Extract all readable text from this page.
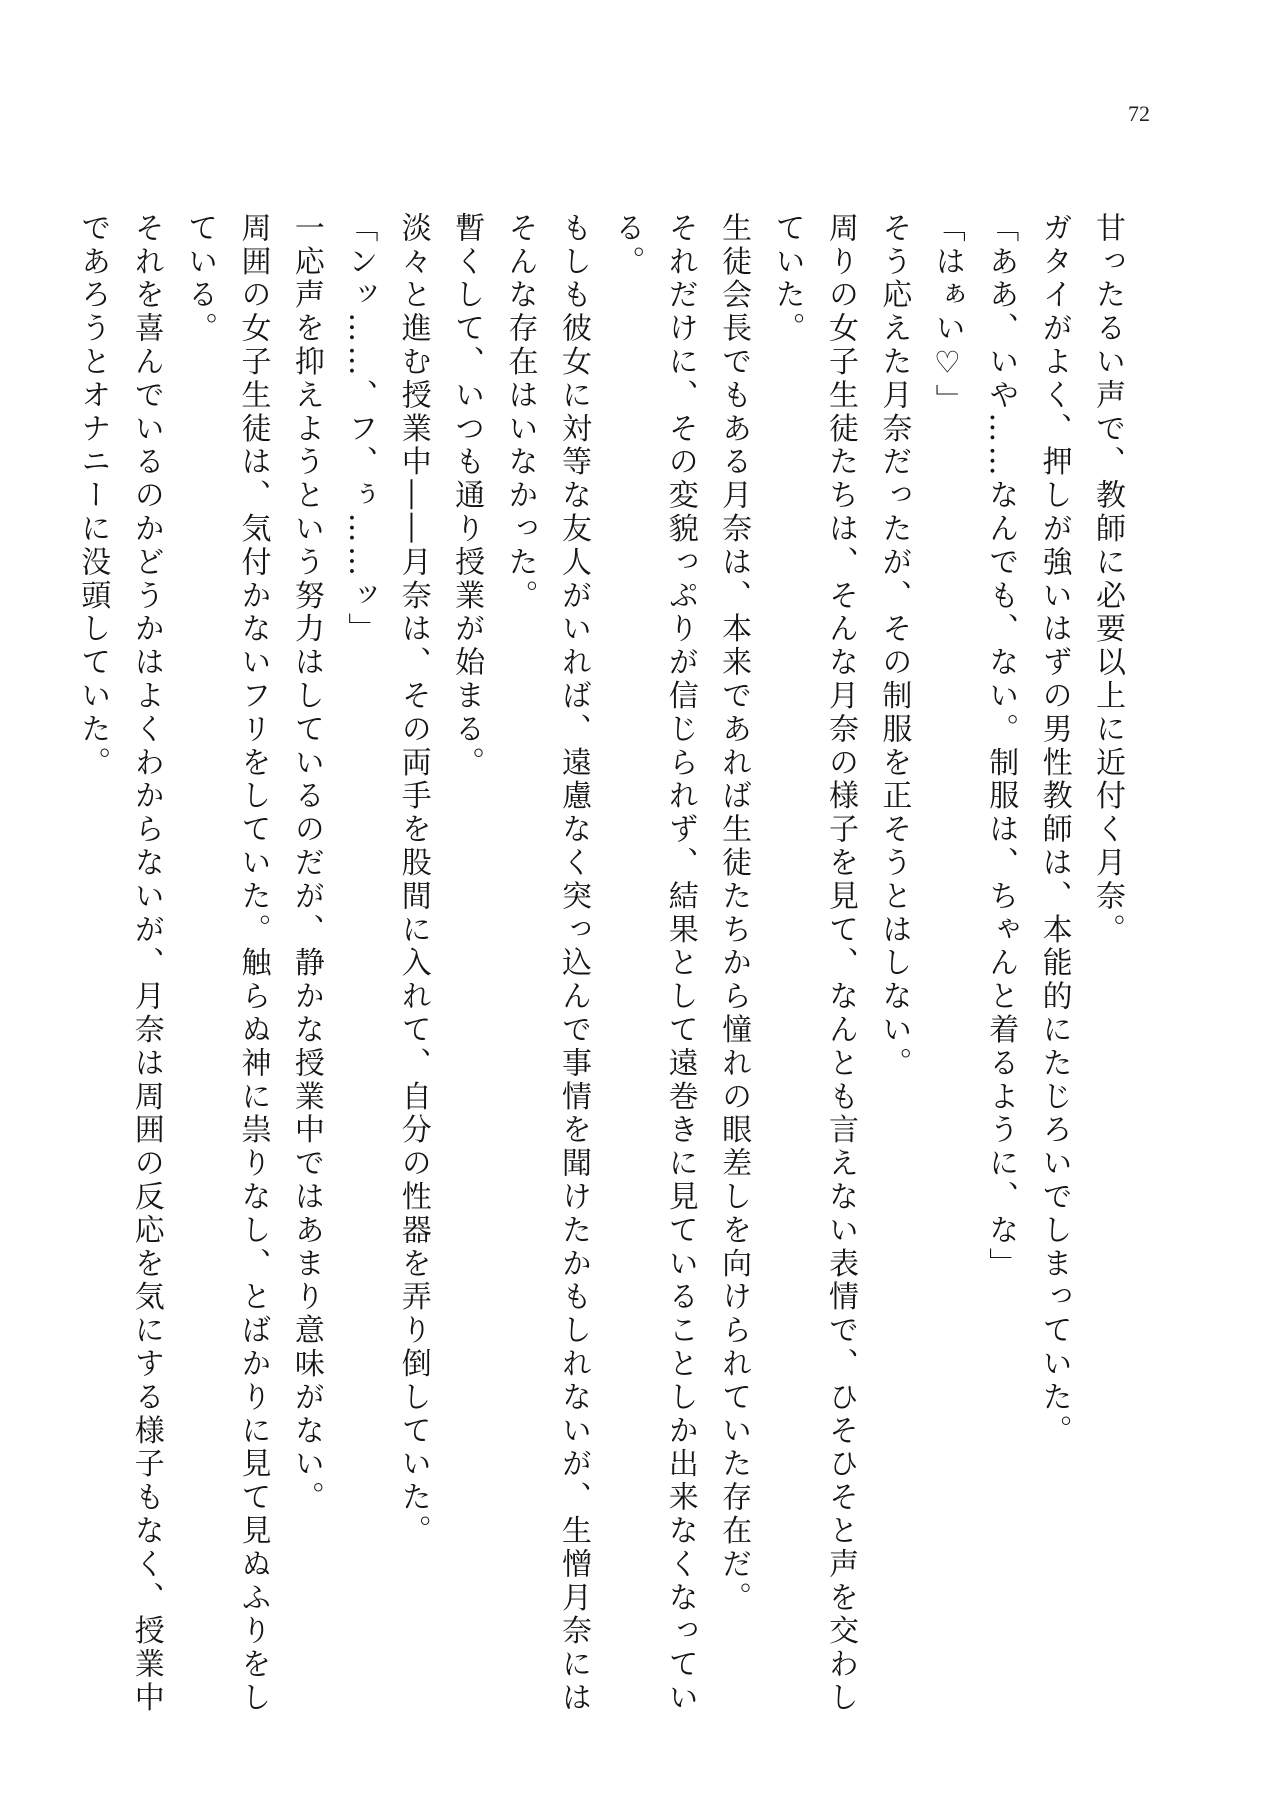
72

甘ったるい声で、教師に必要以上に近付く月奈。

ガタイがよく、押しが強いはずの男性教師は、本能的にたじろいでしまっていた。

「ああ、いや……なんでも、ない。制服は、ちゃんと着るように、な」

「はぁい♡」

そう応えた月奈だったが、その制服を正そうとはしない。

周りの女子生徒たちは、そんな月奈の様子を見て、なんとも言えない表情で、ひそひそと声を交わしていた。

生徒会長でもある月奈は、本来であれば生徒たちから憧れの眼差しを向けられていた存在だ。

それだけに、その変貌っぷりが信じられず、結果として遠巻きに見ていることしか出来なくなっている。

もしも彼女に対等な友人がいれば、遠慮なく突っ込んで事情を聞けたかもしれないが、生憎月奈にはそんな存在はいなかった。

暫くして、いつも通り授業が始まる。

淡々と進む授業中――月奈は、その両手を股間に入れて、自分の性器を弄り倒していた。

「ンッ……、フ、ぅ……ッ」

一応声を抑えようという努力はしているのだが、静かな授業中ではあまり意味がない。

周囲の女子生徒は、気付かないフリをしていた。触らぬ神に祟りなし、とばかりに見て見ぬふりをしている。

それを喜んでいるのかどうかはよくわからないが、月奈は周囲の反応を気にする様子もなく、授業中であろうとオナニーに没頭していた。
